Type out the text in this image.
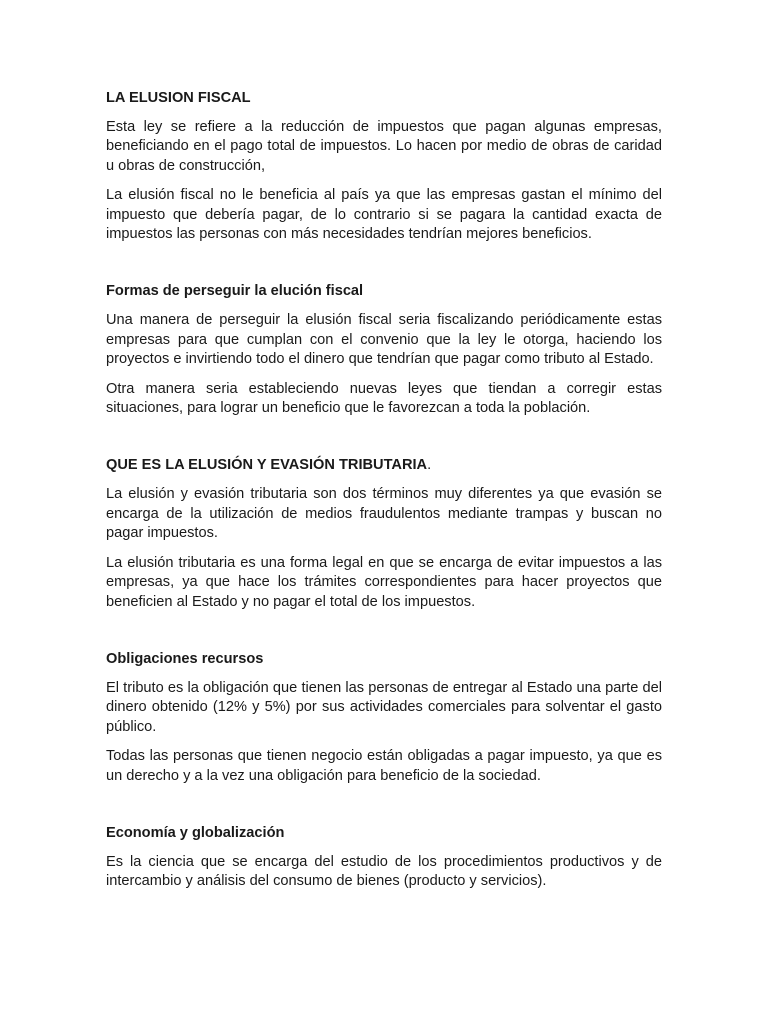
LA ELUSION FISCAL

Esta ley se refiere a la reducción de impuestos que pagan algunas empresas, beneficiando en el pago total de impuestos. Lo hacen por medio de obras de caridad u obras de construcción,

La elusión fiscal no le beneficia al país ya que las empresas gastan el mínimo del impuesto que debería pagar, de lo contrario si se pagara la cantidad exacta de impuestos las personas con más necesidades tendrían mejores beneficios.

Formas de perseguir la elución fiscal

Una manera de perseguir la elusión fiscal seria fiscalizando periódicamente estas empresas para que cumplan con el convenio que la ley le otorga, haciendo los proyectos e invirtiendo todo el dinero que tendrían que pagar como tributo al Estado.

Otra manera seria estableciendo nuevas leyes que tiendan a corregir estas situaciones, para lograr un beneficio que le favorezcan a toda la población.

QUE ES LA ELUSIÓN Y EVASIÓN TRIBUTARIA.

La elusión y evasión tributaria son dos términos muy diferentes ya que evasión se encarga de la utilización de medios fraudulentos mediante trampas y buscan no pagar impuestos.

La elusión tributaria es una forma legal en que se encarga de evitar impuestos a las empresas, ya que hace los trámites correspondientes para hacer proyectos que beneficien al Estado y no pagar el total de los impuestos.

Obligaciones recursos

El tributo es la obligación que tienen las personas de entregar al Estado una parte del dinero obtenido (12% y 5%) por sus actividades comerciales para solventar el gasto público.

Todas las personas que tienen negocio están obligadas a pagar impuesto, ya que es un derecho y a la vez una obligación para beneficio de la sociedad.

Economía y globalización

Es la ciencia que se encarga del estudio de los procedimientos productivos y de intercambio y análisis del consumo de bienes (producto y servicios).
